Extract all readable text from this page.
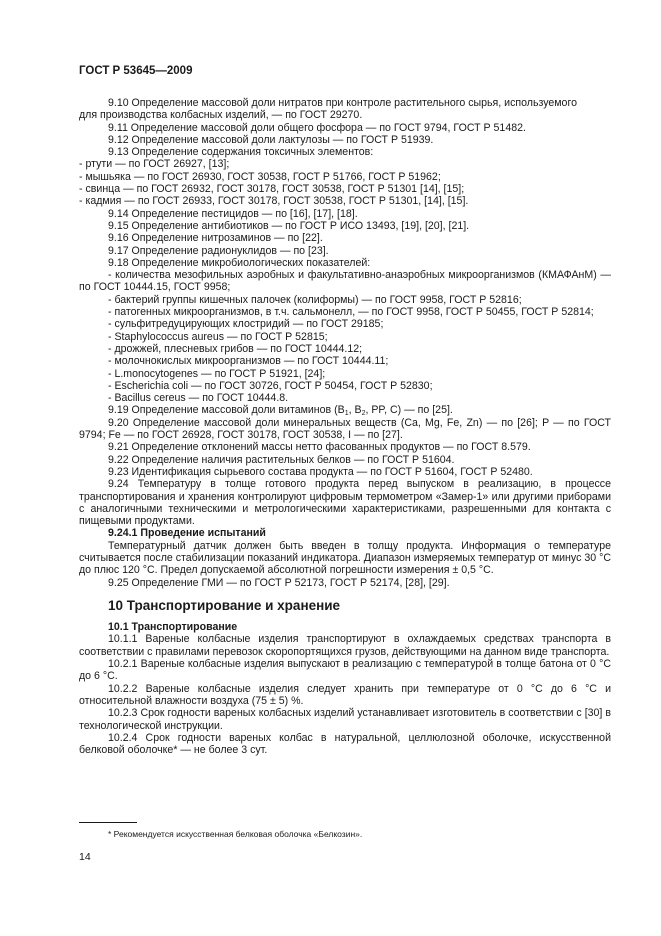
ГОСТ Р 53645—2009

9.10 Определение массовой доли нитратов при контроле растительного сырья, используемого

для производства колбасных изделий, — по ГОСТ 29270.

9.11 Определение массовой доли общего фосфора — по ГОСТ 9794, ГОСТ Р 51482.

9.12 Определение массовой доли лактулозы — по ГОСТ Р 51939.

9.13 Определение содержания токсичных элементов:

- ртути — по ГОСТ 26927, [13];

- мышьяка — по ГОСТ 26930, ГОСТ 30538, ГОСТ Р 51766, ГОСТ Р 51962;

- свинца — по ГОСТ 26932, ГОСТ 30178, ГОСТ 30538, ГОСТ Р 51301 [14], [15];

- кадмия — по ГОСТ 26933, ГОСТ 30178, ГОСТ 30538, ГОСТ Р 51301, [14], [15].

9.14 Определение пестицидов — по [16], [17], [18].

9.15 Определение антибиотиков — по ГОСТ Р ИСО 13493, [19], [20], [21].

9.16 Определение нитрозаминов — по [22].

9.17 Определение радионуклидов — по [23].

9.18 Определение микробиологических показателей:

- количества мезофильных аэробных и факультативно-анаэробных микроорганизмов (КМАФАнМ) — по ГОСТ 10444.15, ГОСТ 9958;

- бактерий группы кишечных палочек (колиформы) — по ГОСТ 9958, ГОСТ Р 52816;

- патогенных микроорганизмов, в т.ч. сальмонелл, — по ГОСТ 9958, ГОСТ Р 50455, ГОСТ Р 52814;

- сульфитредуцирующих клостридий — по ГОСТ 29185;

- Staphylococcus aureus — по ГОСТ Р 52815;

- дрожжей, плесневых грибов — по ГОСТ 10444.12;

- молочнокислых микроорганизмов — по ГОСТ 10444.11;

- L.monocytogenes — по ГОСТ Р 51921, [24];

- Escherichia coli — по ГОСТ 30726, ГОСТ Р 50454, ГОСТ Р 52830;

- Bacillus cereus — по ГОСТ 10444.8.

9.19 Определение массовой доли витаминов ($B_1$, $B_2$, PP, C) — по [25].

9.20 Определение массовой доли минеральных веществ (Ca, Mg, Fe, Zn) — по [26]; P — по ГОСТ 9794; Fe — по ГОСТ 26928, ГОСТ 30178, ГОСТ 30538, I — по [27].

9.21 Определение отклонений массы нетто фасованных продуктов — по ГОСТ 8.579.

9.22 Определение наличия растительных белков — по ГОСТ Р 51604.

9.23 Идентификация сырьевого состава продукта — по ГОСТ Р 51604, ГОСТ Р 52480.

9.24 Температуру в толще готового продукта перед выпуском в реализацию, в процессе транспортирования и хранения контролируют цифровым термометром «Замер-1» или другими приборами с аналогичными техническими и метрологическими характеристиками, разрешенными для контакта с пищевыми продуктами.

9.24.1 Проведение испытаний

Температурный датчик должен быть введен в толщу продукта. Информация о температуре считывается после стабилизации показаний индикатора. Диапазон измеряемых температур от минус 30 °С до плюс 120 °С. Предел допускаемой абсолютной погрешности измерения ± 0,5 °С.

9.25 Определение ГМИ — по ГОСТ Р 52173, ГОСТ Р 52174, [28], [29].

10 Транспортирование и хранение

10.1 Транспортирование

10.1.1 Вареные колбасные изделия транспортируют в охлаждаемых средствах транспорта в соответствии с правилами перевозок скоропортящихся грузов, действующими на данном виде транспорта.

10.2.1 Вареные колбасные изделия выпускают в реализацию с температурой в толще батона от 0 °С до 6 °С.

10.2.2 Вареные колбасные изделия следует хранить при температуре от 0 °С до 6 °С и относительной влажности воздуха (75 ± 5) %.

10.2.3 Срок годности вареных колбасных изделий устанавливает изготовитель в соответствии с [30] в технологической инструкции.

10.2.4 Срок годности вареных колбас в натуральной, целлюлозной оболочке, искусственной белковой оболочке* — не более 3 сут.

* Рекомендуется искусственная белковая оболочка «Белкозин».
14
